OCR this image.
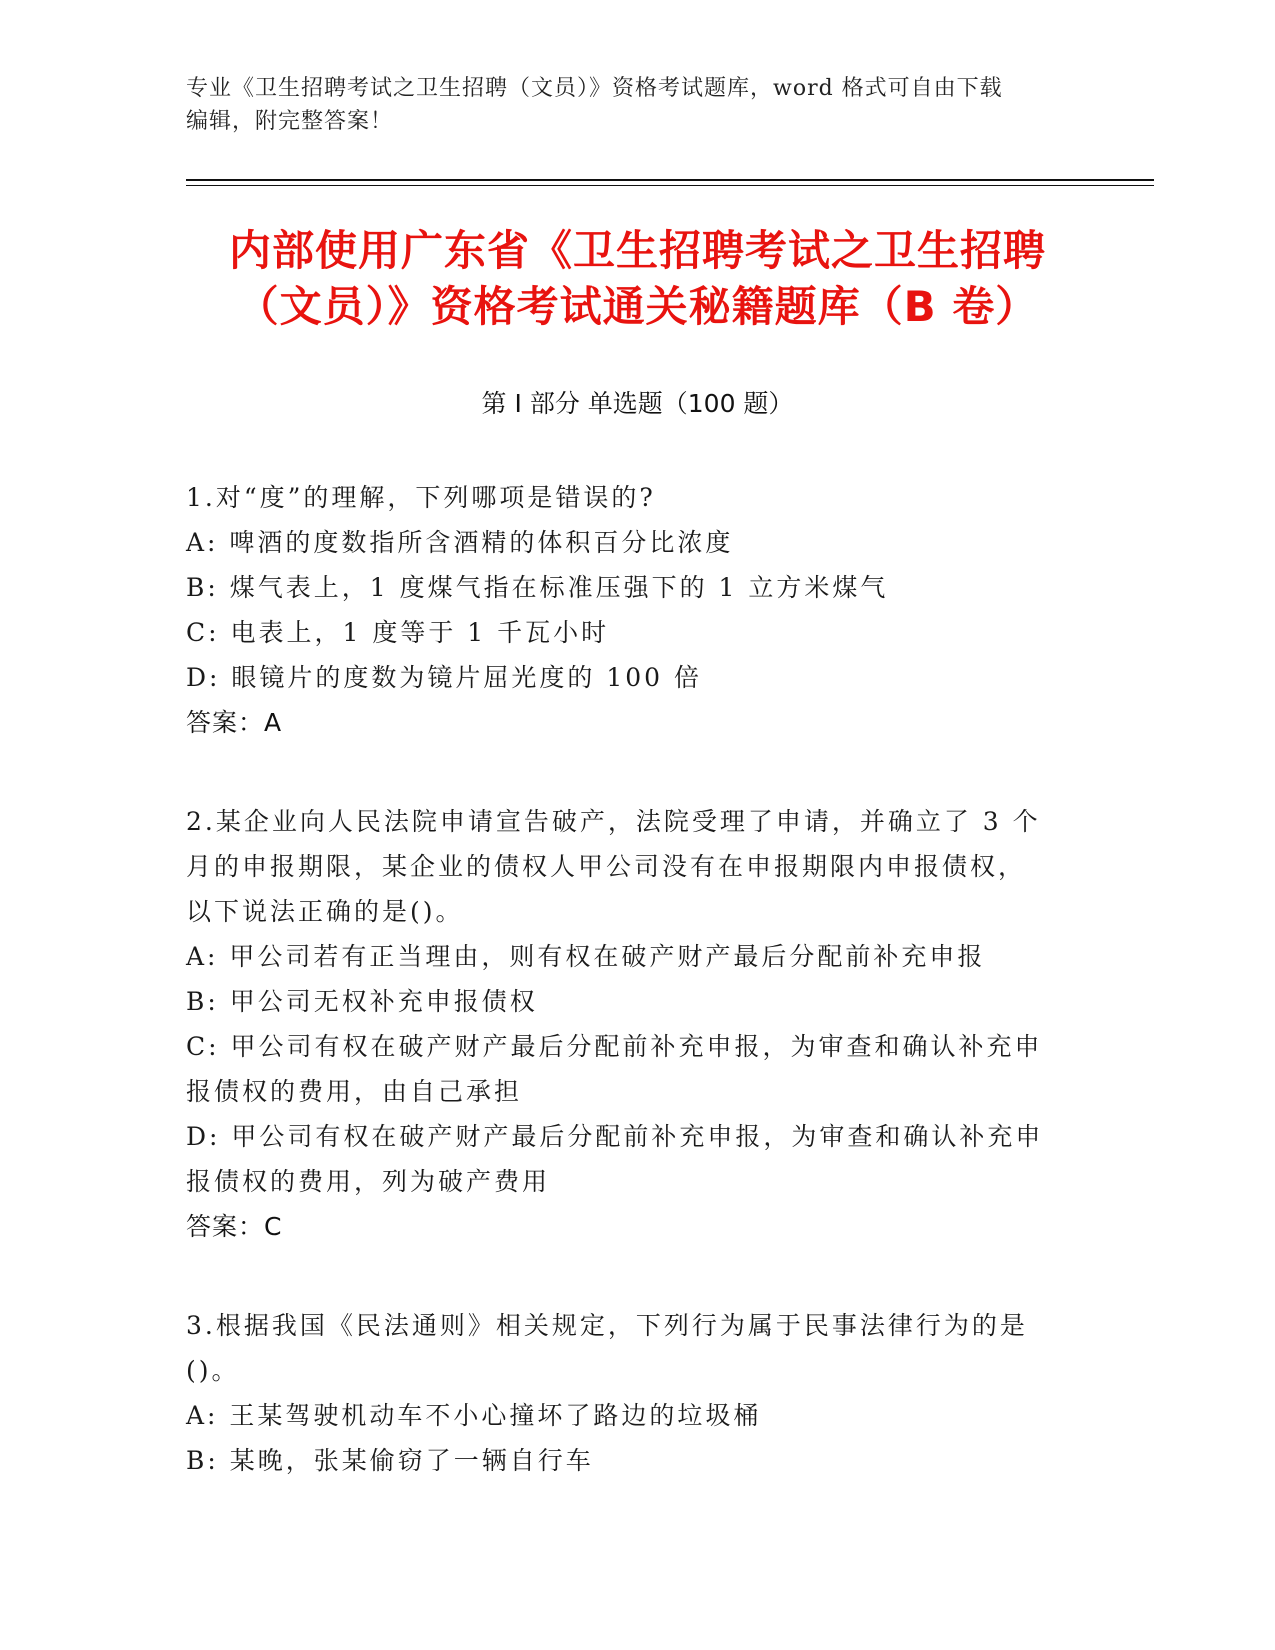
专业《卫生招聘考试之卫生招聘（文员）》资格考试题库，word 格式可自由下载
编辑，附完整答案！
内部使用广东省《卫生招聘考试之卫生招聘
（文员）》资格考试通关秘籍题库（B 卷）
第 I 部分 单选题（100 题）

1.对“度”的理解，下列哪项是错误的?

A: 啤酒的度数指所含酒精的体积百分比浓度

B: 煤气表上，1 度煤气指在标准压强下的 1 立方米煤气

C: 电表上，1 度等于 1 千瓦小时

D: 眼镜片的度数为镜片屈光度的 100 倍

答案：A

2.某企业向人民法院申请宣告破产，法院受理了申请，并确立了 3 个

月的申报期限，某企业的债权人甲公司没有在申报期限内申报债权，

以下说法正确的是()。

A: 甲公司若有正当理由，则有权在破产财产最后分配前补充申报

B: 甲公司无权补充申报债权

C: 甲公司有权在破产财产最后分配前补充申报，为审查和确认补充申

报债权的费用，由自己承担

D: 甲公司有权在破产财产最后分配前补充申报，为审查和确认补充申

报债权的费用，列为破产费用

答案：C

3.根据我国《民法通则》相关规定，下列行为属于民事法律行为的是

()。

A: 王某驾驶机动车不小心撞坏了路边的垃圾桶

B: 某晚，张某偷窃了一辆自行车
